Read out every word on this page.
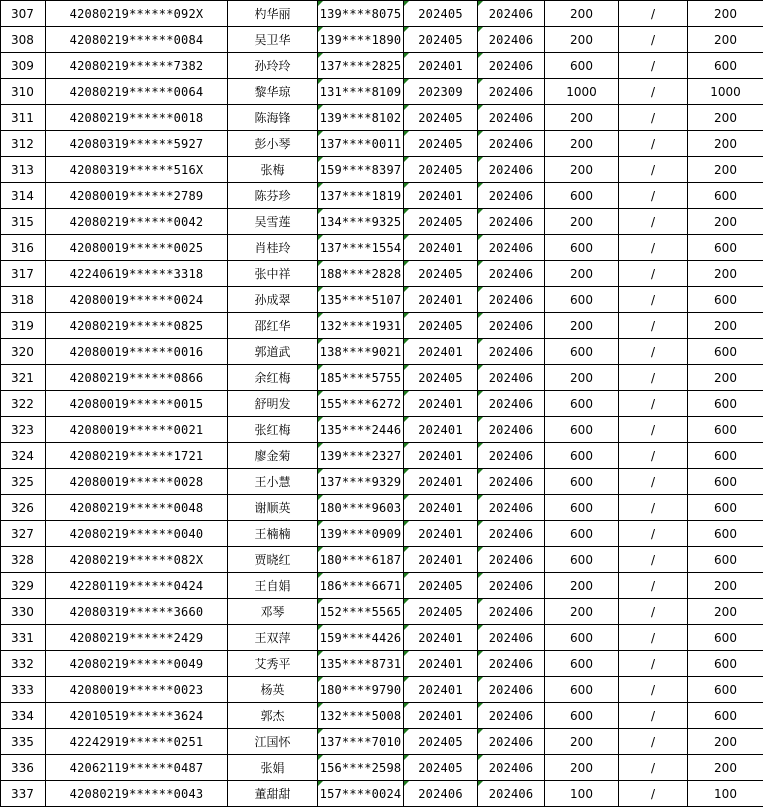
307	42080219******092X	杓华丽	139****8075	202405	202406	200	/	200
308	42080219******0084	吴卫华	139****1890	202405	202406	200	/	200
309	42080219******7382	孙玲玲	137****2825	202401	202406	600	/	600
310	42080219******0064	黎华琼	131****8109	202309	202406	1000	/	1000
311	42080219******0018	陈海锋	139****8102	202405	202406	200	/	200
312	42080319******5927	彭小琴	137****0011	202405	202406	200	/	200
313	42080319******516X	张梅	159****8397	202405	202406	200	/	200
314	42080019******2789	陈芬珍	137****1819	202401	202406	600	/	600
315	42080219******0042	吴雪莲	134****9325	202405	202406	200	/	200
316	42080019******0025	肖桂玲	137****1554	202401	202406	600	/	600
317	42240619******3318	张中祥	188****2828	202405	202406	200	/	200
318	42080019******0024	孙成翠	135****5107	202401	202406	600	/	600
319	42080219******0825	邵红华	132****1931	202405	202406	200	/	200
320	42080019******0016	郭道武	138****9021	202401	202406	600	/	600
321	42080219******0866	余红梅	185****5755	202405	202406	200	/	200
322	42080019******0015	舒明发	155****6272	202401	202406	600	/	600
323	42080019******0021	张红梅	135****2446	202401	202406	600	/	600
324	42080219******1721	廖金菊	139****2327	202401	202406	600	/	600
325	42080019******0028	王小慧	137****9329	202401	202406	600	/	600
326	42080219******0048	谢顺英	180****9603	202401	202406	600	/	600
327	42080219******0040	王楠楠	139****0909	202401	202406	600	/	600
328	42080219******082X	贾晓红	180****6187	202401	202406	600	/	600
329	42280119******0424	王自娟	186****6671	202405	202406	200	/	200
330	42080319******3660	邓琴	152****5565	202405	202406	200	/	200
331	42080219******2429	王双萍	159****4426	202401	202406	600	/	600
332	42080219******0049	艾秀平	135****8731	202401	202406	600	/	600
333	42080019******0023	杨英	180****9790	202401	202406	600	/	600
334	42010519******3624	郭杰	132****5008	202401	202406	600	/	600
335	42242919******0251	江国怀	137****7010	202405	202406	200	/	200
336	42062119******0487	张娟	156****2598	202405	202406	200	/	200
337	42080219******0043	董甜甜	157****0024	202406	202406	100	/	100
